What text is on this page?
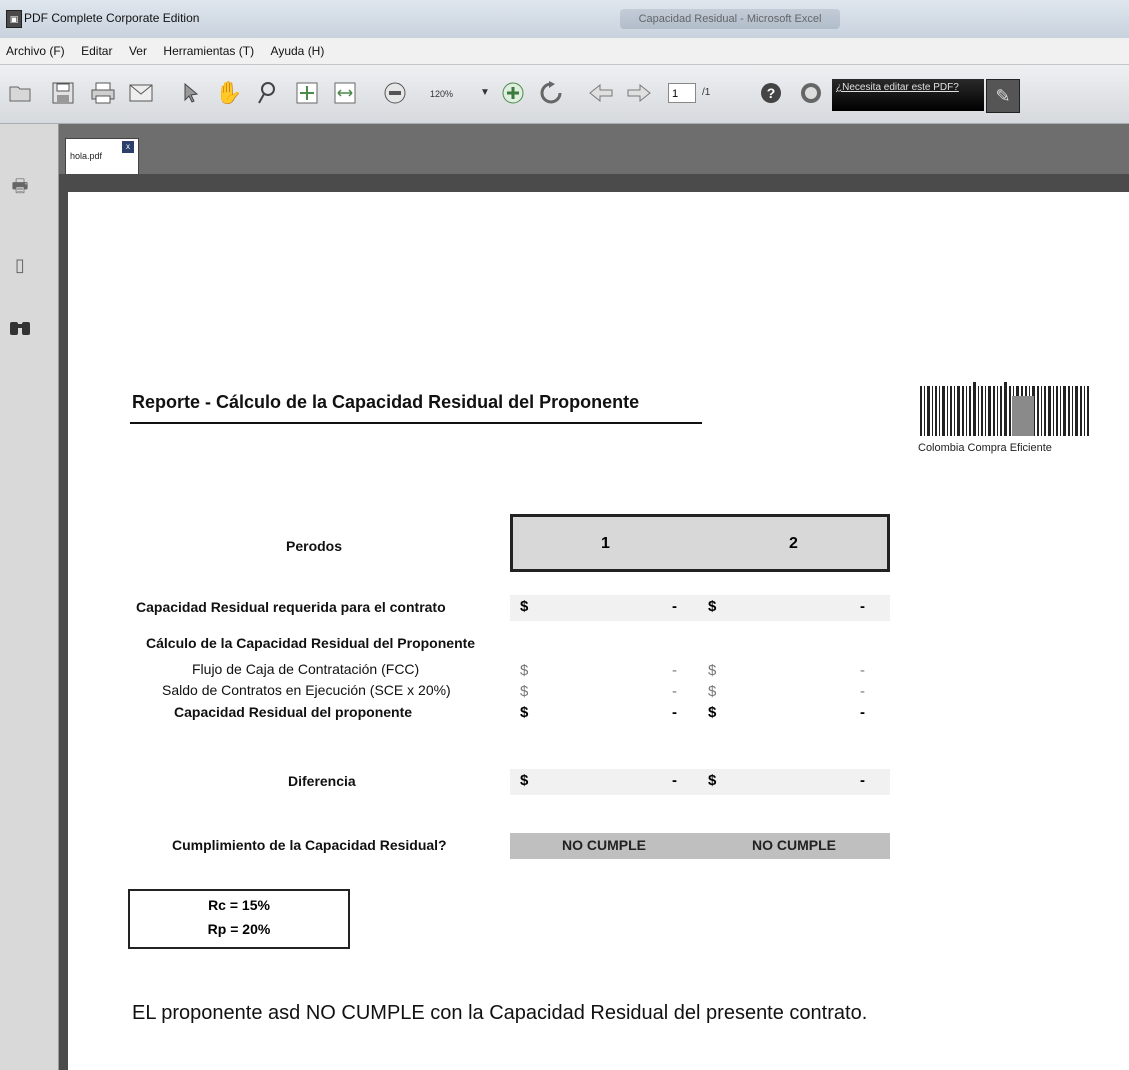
▣ PDF Complete Corporate Edition	Capacidad Residual - Microsoft Excel
Archivo (F) Editar Ver Herramientas (T) Ayuda (H)
✋	120%	▼	1	/1	?	¿Necesita editar este PDF?	✎
🖶
▯
hola.pdf
x
Reporte - Cálculo de la Capacidad Residual del Proponente
Colombia Compra Eficiente
Perodos	1	2
Capacidad Residual requerida para el contrato	$	- $	-
Cálculo de la Capacidad Residual del Proponente
Flujo de Caja de Contratación (FCC)	$	- $	-
Saldo de Contratos en Ejecución (SCE x 20%)	$	- $	-
Capacidad Residual del proponente	$	- $	-
Diferencia	$	- $	-
Cumplimiento de la Capacidad Residual?	NO CUMPLE	NO CUMPLE
Rc = 15%
Rp = 20%
EL proponente asd NO CUMPLE con la Capacidad Residual del presente contrato.
